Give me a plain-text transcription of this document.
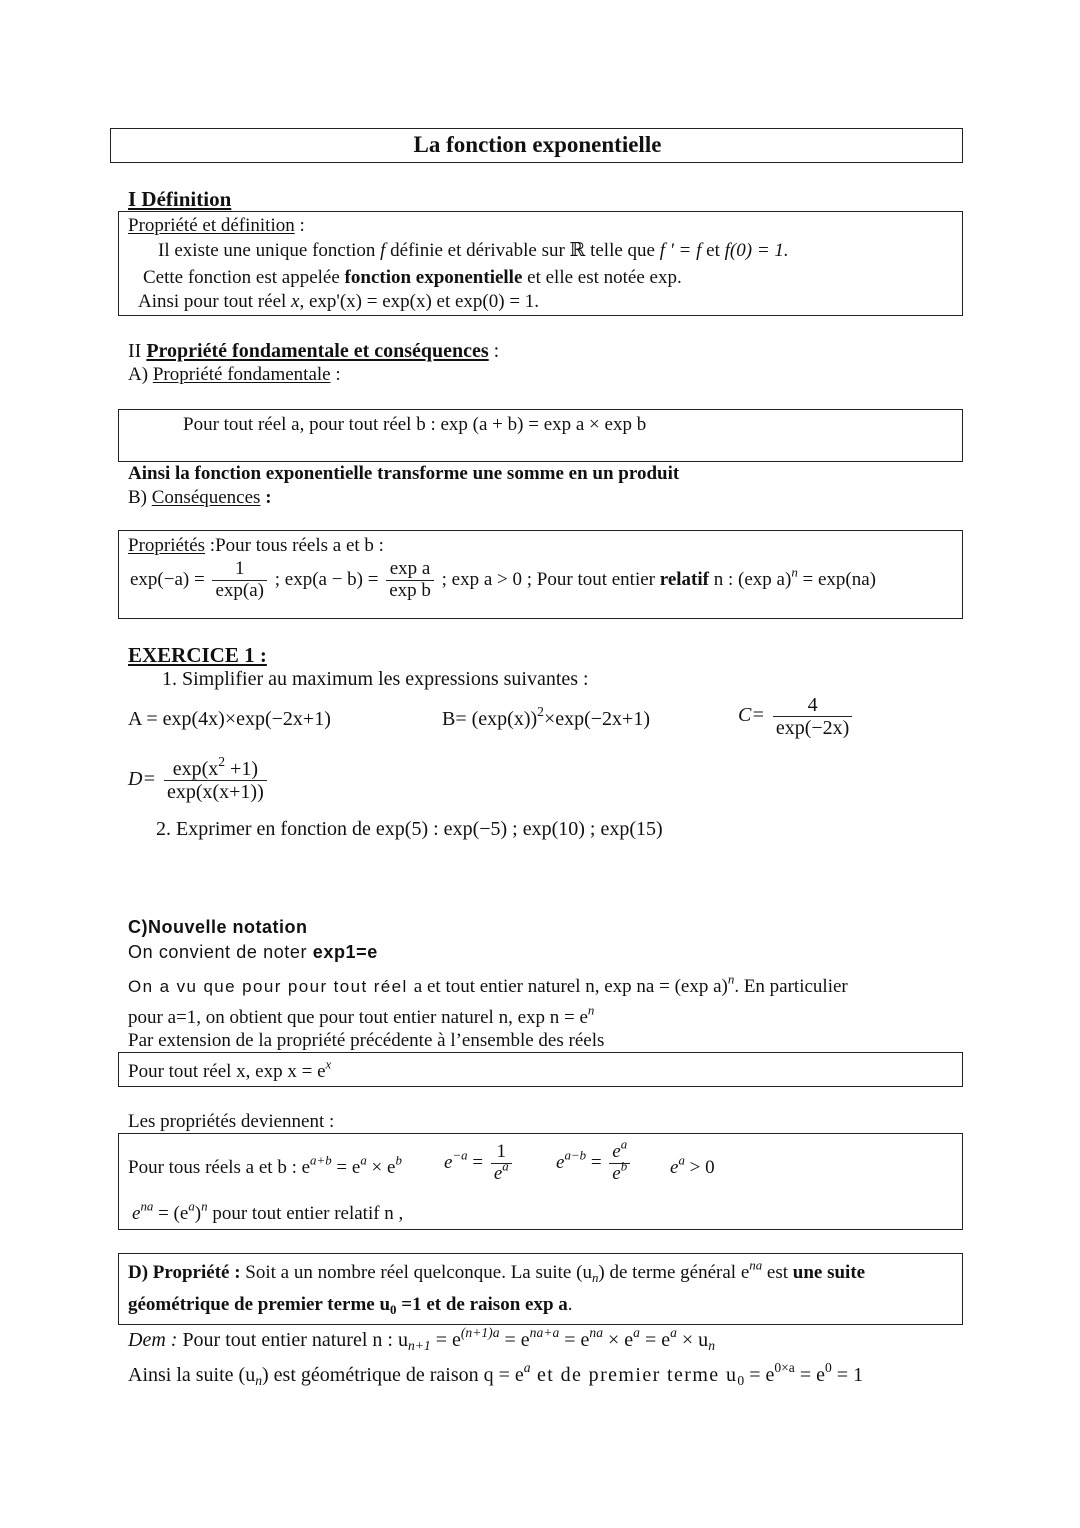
La fonction exponentielle
I Définition
Propriété et définition :
Il existe une unique fonction f définie et dérivable sur ℝ telle que f ' = f et f(0) = 1.
Cette fonction est appelée fonction exponentielle et elle est notée exp.
Ainsi pour tout réel x, exp'(x) = exp(x) et exp(0) = 1.
II Propriété fondamentale et conséquences :
A) Propriété fondamentale :
Pour tout réel a, pour tout réel b : exp (a + b) = exp a × exp b
Ainsi la fonction exponentielle transforme une somme en un produit
B) Conséquences :
Propriétés :Pour tous réels a et b :
$\exp(-a) = \frac{1}{\exp(a)}$ ; $\exp(a - b) = \frac{\text{exp a}}{\text{exp b}}$ ; exp a > 0 ; Pour tout entier relatif n : (exp a)$^n$ = exp(na)
EXERCICE 1 :
1. Simplifier au maximum les expressions suivantes :
A = exp(4x)×exp(−2x+1)	$B= (\exp(x))^2\times\exp(-2x+1)$	$C= \frac{4}{\exp(-2x)}$
$D= \frac{\exp(x^2 +1)}{\exp(x(x+1))}$
2. Exprimer en fonction de exp(5) : exp(−5) ; exp(10) ; exp(15)
C)Nouvelle notation
On convient de noter exp1=e
On a vu que pour pour tout réel a et tout entier naturel n, exp na = (exp a)$^n$. En particulier
pour a=1, on obtient que pour tout entier naturel n, $\exp n = e^n$
Par extension de la propriété précédente à l’ensemble des réels
Pour tout réel x, $\exp x = e^x$
Les propriétés deviennent :
Pour tous réels a et b : $e^{a+b} = e^a \times e^b$ $e^{-a} = \frac{1}{e^a} e^{a-b} = \frac{e^a}{e^b} e^a > 0$
$e^{na} = (e^a)^n$ pour tout entier relatif n ,
D) Propriété : Soit a un nombre réel quelconque. La suite $(u_n)$ de terme général $e^{na}$ est une suite
géométrique de premier terme $u_0 =1$ et de raison exp a.
Dem : Pour tout entier naturel n : $u_{n+1} = e^{(n+1)a} = e^{na+a} = e^{na} \times e^a = e^a \times u_n$
Ainsi la suite $(u_n)$ est géométrique de raison $q = e^a$ et de premier terme $u_0 = e^{0\times a} = e^0 = 1$
